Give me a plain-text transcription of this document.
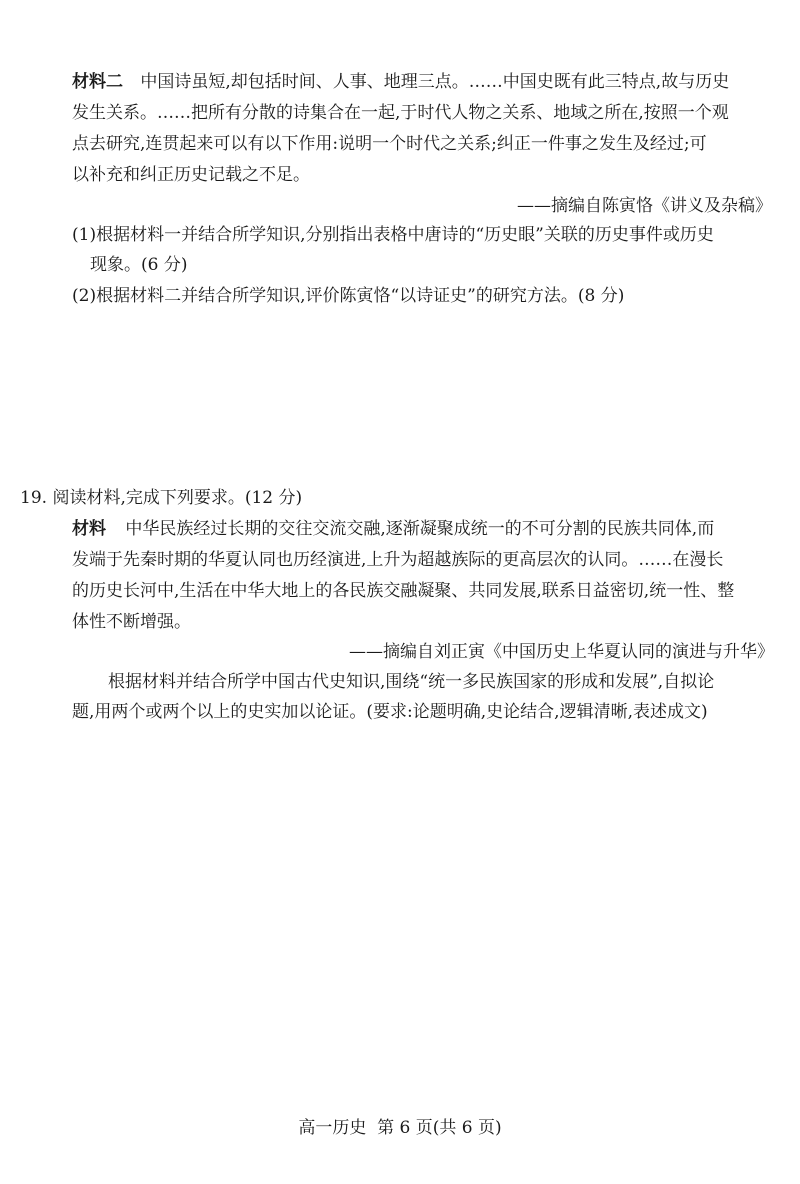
材料二 中国诗虽短,却包括时间、人事、地理三点。……中国史既有此三特点,故与历史
发生关系。……把所有分散的诗集合在一起,于时代人物之关系、地域之所在,按照一个观
点去研究,连贯起来可以有以下作用:说明一个时代之关系;纠正一件事之发生及经过;可
以补充和纠正历史记载之不足。
——摘编自陈寅恪《讲义及杂稿》
(1)根据材料一并结合所学知识,分别指出表格中唐诗的“历史眼”关联的历史事件或历史
现象。(6 分)
(2)根据材料二并结合所学知识,评价陈寅恪“以诗证史”的研究方法。(8 分)
19. 阅读材料,完成下列要求。(12 分)
材料 中华民族经过长期的交往交流交融,逐渐凝聚成统一的不可分割的民族共同体,而
发端于先秦时期的华夏认同也历经演进,上升为超越族际的更高层次的认同。……在漫长
的历史长河中,生活在中华大地上的各民族交融凝聚、共同发展,联系日益密切,统一性、整
体性不断增强。
——摘编自刘正寅《中国历史上华夏认同的演进与升华》
根据材料并结合所学中国古代史知识,围绕“统一多民族国家的形成和发展”,自拟论
题,用两个或两个以上的史实加以论证。(要求:论题明确,史论结合,逻辑清晰,表述成文)
高一历史  第 6 页(共 6 页)
